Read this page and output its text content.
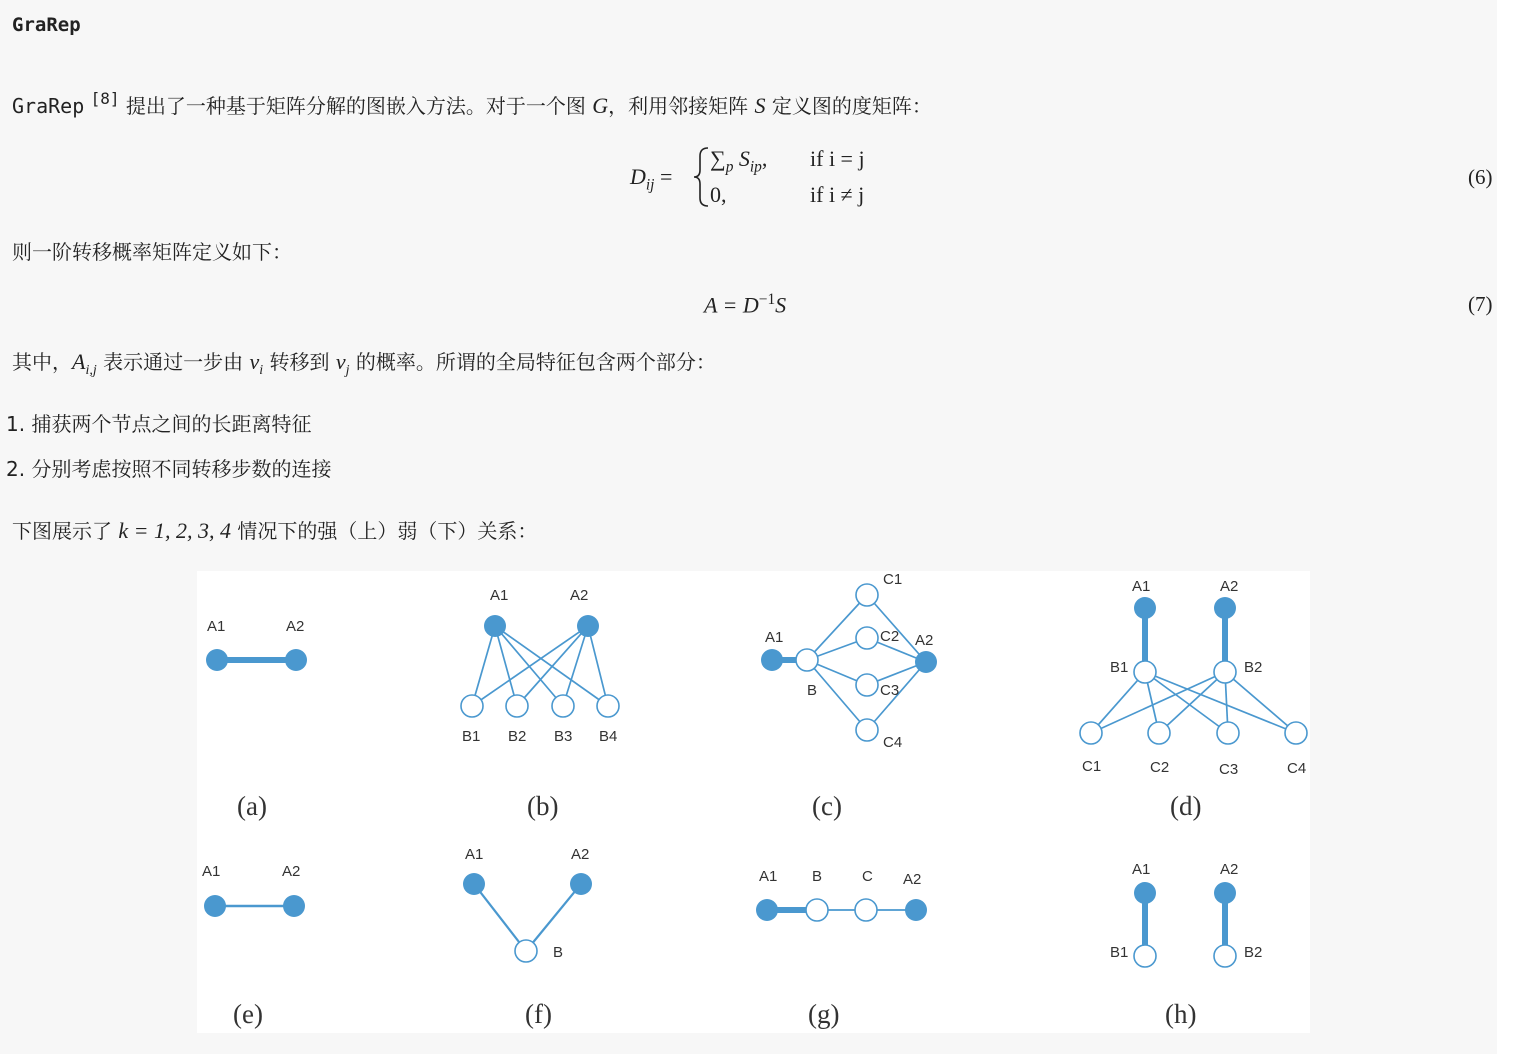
GraRep
GraRep [8] 提出了一种基于矩阵分解的图嵌入方法。对于一个图 G，利用邻接矩阵 S 定义图的度矩阵：
$D_{ij}$ =
$\sum_p$ $S_{ip}$, if i = j
0,	if i ≠ j
(6)
则一阶转移概率矩阵定义如下：
$A = D^{-1}S$	(7)
其中，$A_{i,j}$ 表示通过一步由 $v_i$ 转移到 $v_j$ 的概率。所谓的全局特征包含两个部分：
1. 捕获两个节点之间的长距离特征
2. 分别考虑按照不同转移步数的连接
下图展示了 k = 1, 2, 3, 4 情况下的强（上）弱（下）关系：
A1	A2
(a)
A1	A2
B1 B2 B3 B4
(b)
A1	A2
B
C1
C2
C3
C4
(c)
A1	A2
B1	B2
C1	C2	C3	C4
(d)
A1	A2
(e)
A1	A2
B
(f)
A1 B	C A2
(g)
A1	A2
B1	B2
(h)
